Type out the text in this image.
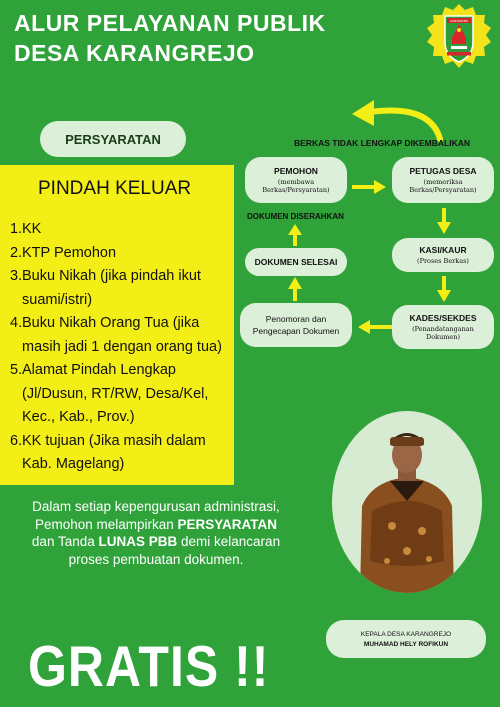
ALUR PELAYANAN PUBLIK
DESA KARANGREJO
KABUPATEN
PERSYARATAN
PINDAH KELUAR
1. KK
2. KTP Pemohon
3. Buku Nikah (jika pindah ikut suami/istri)
4. Buku Nikah Orang Tua (jika masih jadi 1 dengan orang tua)
5. Alamat Pindah Lengkap (Jl/Dusun, RT/RW, Desa/Kel, Kec., Kab., Prov.)
6. KK tujuan (Jika masih dalam Kab. Magelang)
BERKAS TIDAK LENGKAP DIKEMBALIKAN
PEMOHON
(membawa
Berkas/Persyaratan)
PETUGAS DESA
(memeriksa
Berkas/Persyaratan)
KASI/KAUR
(Proses Berkas)
KADES/SEKDES
(Penandatanganan
Dokumen)
Penomoran dan
Pengecapan Dokumen
DOKUMEN SELESAI
DOKUMEN DISERAHKAN
Dalam setiap kepengurusan administrasi, Pemohon melampirkan PERSYARATAN dan Tanda LUNAS PBB demi kelancaran proses pembuatan dokumen.
GRATIS !!
KEPALA DESA KARANGREJO
MUHAMAD HELY ROFIKUN
